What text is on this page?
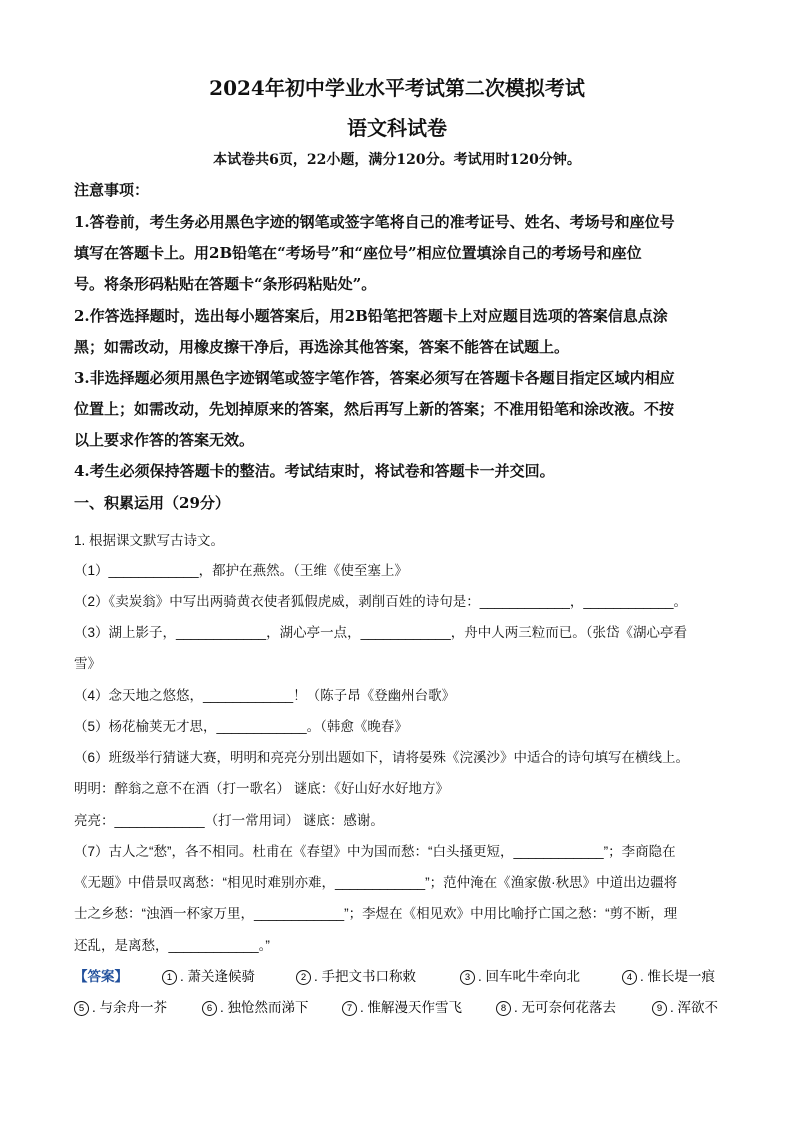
2024年初中学业水平考试第二次模拟考试
语文科试卷
本试卷共6页，22小题，满分120分。考试用时120分钟。
注意事项：
1.答卷前，考生务必用黑色字迹的钢笔或签字笔将自己的准考证号、姓名、考场号和座位号
填写在答题卡上。用2B铅笔在“考场号”和“座位号”相应位置填涂自己的考场号和座位
号。将条形码粘贴在答题卡“条形码粘贴处”。
2.作答选择题时，选出每小题答案后，用2B铅笔把答题卡上对应题目选项的答案信息点涂
黑；如需改动，用橡皮擦干净后，再选涂其他答案，答案不能答在试题上。
3.非选择题必须用黑色字迹钢笔或签字笔作答，答案必须写在答题卡各题目指定区域内相应
位置上；如需改动，先划掉原来的答案，然后再写上新的答案；不准用铅笔和涂改液。不按
以上要求作答的答案无效。
4.考生必须保持答题卡的整洁。考试结束时，将试卷和答题卡一并交回。
一、积累运用（29分）
1. 根据课文默写古诗文。
（1）____________，都护在燕然。（王维《使至塞上》
（2）《卖炭翁》中写出两骑黄衣使者狐假虎威，剥削百姓的诗句是：____________，____________。
（3）湖上影子，____________，湖心亭一点，____________，舟中人两三粒而已。（张岱《湖心亭看
雪》
（4）念天地之悠悠，____________！（陈子昂《登幽州台歌》
（5）杨花榆荚无才思，____________。（韩愈《晚春》
（6）班级举行猜谜大赛，明明和亮亮分别出题如下，请将晏殊《浣溪沙》中适合的诗句填写在横线上。
明明：醉翁之意不在酒（打一歌名） 谜底：《好山好水好地方》
亮亮：____________（打一常用词） 谜底：感谢。
（7）古人之“愁”，各不相同。杜甫在《春望》中为国而愁：“白头搔更短，____________”；李商隐在
《无题》中借景叹离愁：“相见时难别亦难，____________”；范仲淹在《渔家傲·秋思》中道出边疆将
士之乡愁：“浊酒一杯家万里，____________”；李煜在《相见欢》中用比喻抒亡国之愁：“剪不断，理
还乱，是离愁，____________。”
【答案】	1 . 萧关逢候骑	2 . 手把文书口称敕	3 . 回车叱牛牵向北	4 . 惟长堤一痕
5 . 与余舟一芥	6 . 独怆然而涕下	7 . 惟解漫天作雪飞	8 . 无可奈何花落去	9 . 浑欲不
